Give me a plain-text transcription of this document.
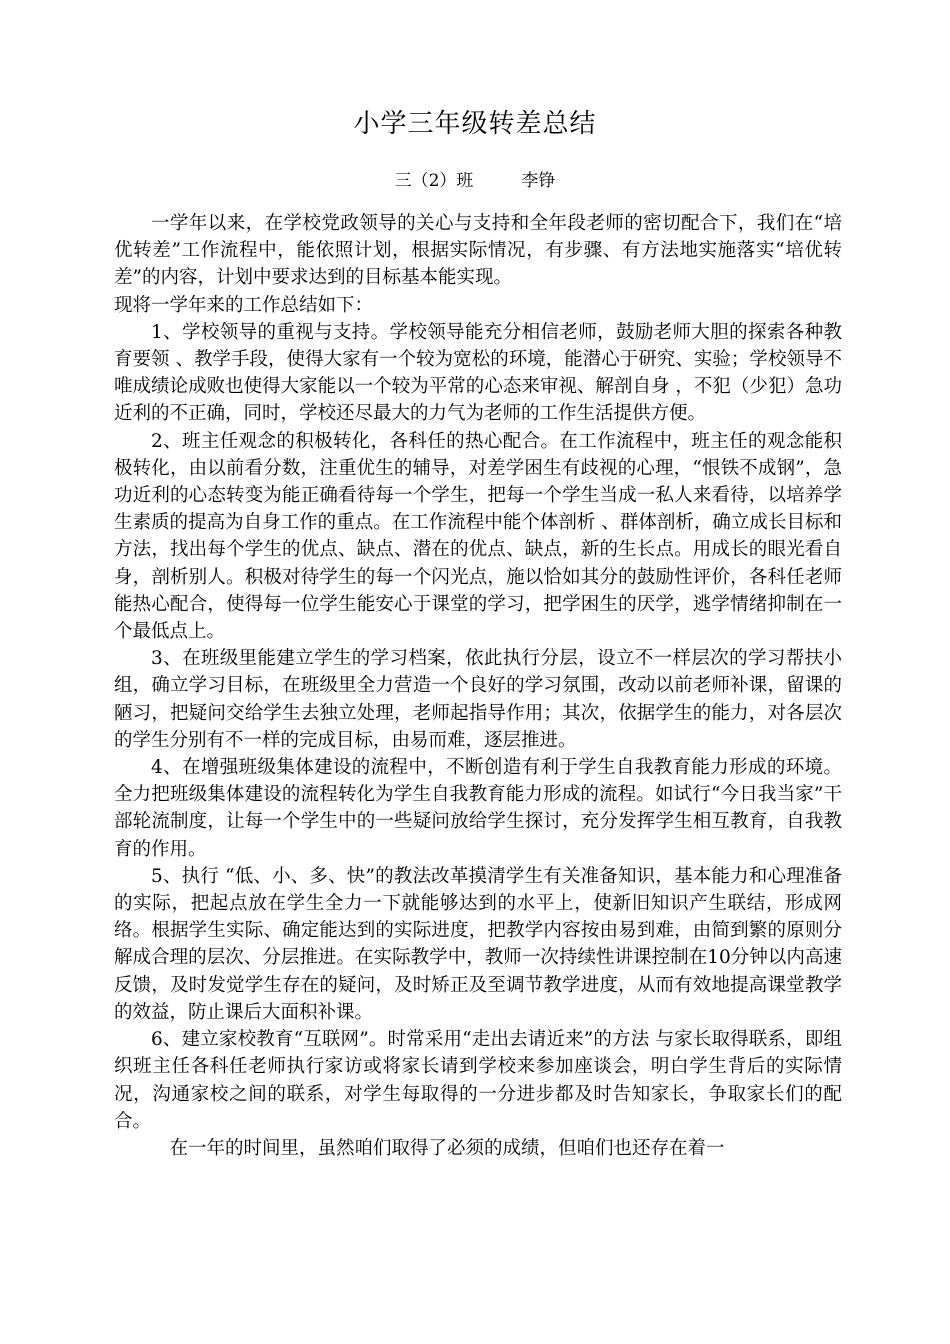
小学三年级转差总结
三（2）班	李铮

一学年以来，在学校党政领导的关心与支持和全年段老师的密切配合下，我们在“培优转差”工作流程中，能依照计划，根据实际情况，有步骤、有方法地实施落实“培优转差”的内容，计划中要求达到的目标基本能实现。

现将一学年来的工作总结如下：

1、学校领导的重视与支持。学校领导能充分相信老师，鼓励老师大胆的探索各种教育要领 、教学手段，使得大家有一个较为宽松的环境，能潜心于研究、实验；学校领导不唯成绩论成败也使得大家能以一个较为平常的心态来审视、解剖自身 ，不犯（少犯）急功近利的不正确，同时，学校还尽最大的力气为老师的工作生活提供方便。

2、班主任观念的积极转化，各科任的热心配合。在工作流程中，班主任的观念能积极转化，由以前看分数，注重优生的辅导，对差学困生有歧视的心理，“恨铁不成钢”，急功近利的心态转变为能正确看待每一个学生，把每一个学生当成一私人来看待，以培养学生素质的提高为自身工作的重点。在工作流程中能个体剖析 、群体剖析，确立成长目标和方法，找出每个学生的优点、缺点、潜在的优点、缺点，新的生长点。用成长的眼光看自身，剖析别人。积极对待学生的每一个闪光点，施以恰如其分的鼓励性评价，各科任老师能热心配合，使得每一位学生能安心于课堂的学习，把学困生的厌学，逃学情绪抑制在一个最低点上。

3、在班级里能建立学生的学习档案，依此执行分层，设立不一样层次的学习帮扶小组，确立学习目标，在班级里全力营造一个良好的学习氛围，改动以前老师补课，留课的陋习，把疑问交给学生去独立处理，老师起指导作用；其次，依据学生的能力，对各层次的学生分别有不一样的完成目标，由易而难，逐层推进。

4、在增强班级集体建设的流程中，不断创造有利于学生自我教育能力形成的环境。全力把班级集体建设的流程转化为学生自我教育能力形成的流程。如试行“今日我当家”干部轮流制度，让每一个学生中的一些疑问放给学生探讨，充分发挥学生相互教育，自我教育的作用。

5、执行 “低、小、多、快”的教法改革摸清学生有关准备知识，基本能力和心理准备的实际，把起点放在学生全力一下就能够达到的水平上，使新旧知识产生联结，形成网络。根据学生实际、确定能达到的实际进度，把教学内容按由易到难，由简到繁的原则分解成合理的层次、分层推进。在实际教学中，教师一次持续性讲课控制在10分钟以内高速反馈，及时发觉学生存在的疑问，及时矫正及至调节教学进度，从而有效地提高课堂教学的效益，防止课后大面积补课。

6、建立家校教育“互联网”。时常采用“走出去请近来”的方法 与家长取得联系，即组织班主任各科任老师执行家访或将家长请到学校来参加座谈会，明白学生背后的实际情况，沟通家校之间的联系，对学生每取得的一分进步都及时告知家长，争取家长们的配合。

在一年的时间里，虽然咱们取得了必须的成绩，但咱们也还存在着一
